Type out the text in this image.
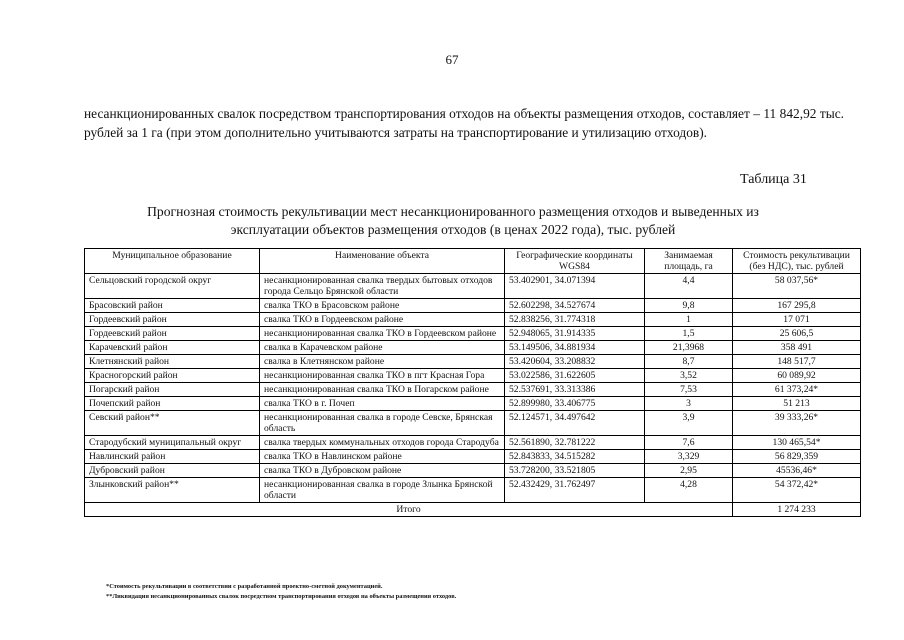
67
несанкционированных свалок посредством транспортирования отходов на объекты размещения отходов, составляет – 11 842,92 тыс. рублей за 1 га (при этом дополнительно учитываются затраты на транспортирование и утилизацию отходов).
Таблица 31
Прогнозная стоимость рекультивации мест несанкционированного размещения отходов и выведенных из эксплуатации объектов размещения отходов (в ценах 2022 года), тыс. рублей
Муниципальное образование	Наименование объекта	Географические координаты WGS84	Занимаемая площадь, га	Стоимость рекультивации (без НДС), тыс. рублей
Сельцовский городской округ	несанкционированная свалка твердых бытовых отходов города Сельцо Брянской области	53.402901, 34.071394	4,4	58 037,56*
Брасовский район	свалка ТКО в Брасовском районе	52.602298, 34.527674	9,8	167 295,8
Гордеевский район	свалка ТКО в Гордеевском районе	52.838256, 31.774318	1	17 071
Гордеевский район	несанкционированная свалка ТКО в Гордеевском районе	52.948065, 31.914335	1,5	25 606,5
Карачевский район	свалка в Карачевском районе	53.149506, 34.881934	21,3968	358 491
Клетнянский район	свалка в Клетнянском районе	53.420604, 33.208832	8,7	148 517,7
Красногорский район	несанкционированная свалка ТКО в пгт Красная Гора	53.022586, 31.622605	3,52	60 089,92
Погарский район	несанкционированная свалка ТКО в Погарском районе	52.537691, 33.313386	7,53	61 373,24*
Почепский район	свалка ТКО в г. Почеп	52.899980, 33.406775	3	51 213
Севский район**	несанкционированная свалка в городе Севске, Брянская область	52.124571, 34.497642	3,9	39 333,26*
Стародубский муниципальный округ	свалка твердых коммунальных отходов города Стародуба	52.561890, 32.781222	7,6	130 465,54*
Навлинский район	свалка ТКО в Навлинском районе	52.843833, 34.515282	3,329	56 829,359
Дубровский район	свалка ТКО в Дубровском районе	53.728200, 33.521805	2,95	45536,46*
Злынковский район**	несанкционированная свалка в городе Злынка Брянской области	52.432429, 31.762497	4,28	54 372,42*
Итого				1 274 233
*Стоимость рекультивации в соответствии с разработанной проектно-сметной документацией.
**Ликвидация несанкционированных свалок посредством транспортирования отходов на объекты размещения отходов.
